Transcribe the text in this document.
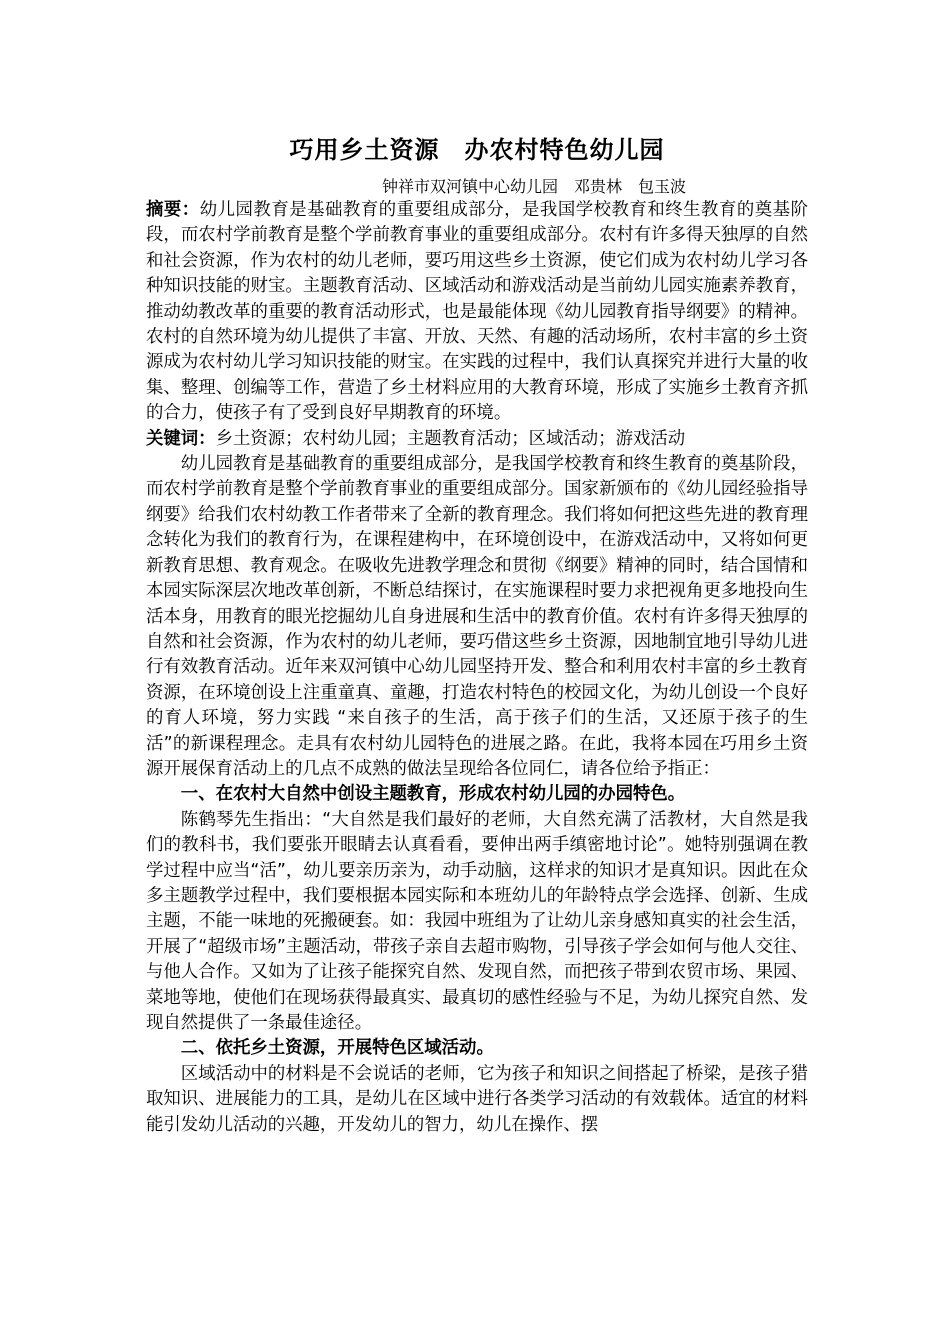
巧用乡土资源　办农村特色幼儿园

钟祥市双河镇中心幼儿园　邓贵林　包玉波

摘要：幼儿园教育是基础教育的重要组成部分，是我国学校教育和终生教育的奠基阶段，而农村学前教育是整个学前教育事业的重要组成部分。农村有许多得天独厚的自然和社会资源，作为农村的幼儿老师，要巧用这些乡土资源，使它们成为农村幼儿学习各种知识技能的财宝。主题教育活动、区域活动和游戏活动是当前幼儿园实施素养教育，推动幼教改革的重要的教育活动形式，也是最能体现《幼儿园教育指导纲要》的精神。农村的自然环境为幼儿提供了丰富、开放、天然、有趣的活动场所，农村丰富的乡土资源成为农村幼儿学习知识技能的财宝。在实践的过程中，我们认真探究并进行大量的收集、整理、创编等工作，营造了乡土材料应用的大教育环境，形成了实施乡土教育齐抓的合力，使孩子有了受到良好早期教育的环境。

关键词：乡土资源；农村幼儿园；主题教育活动；区域活动；游戏活动

幼儿园教育是基础教育的重要组成部分，是我国学校教育和终生教育的奠基阶段，而农村学前教育是整个学前教育事业的重要组成部分。国家新颁布的《幼儿园经验指导纲要》给我们农村幼教工作者带来了全新的教育理念。我们将如何把这些先进的教育理念转化为我们的教育行为，在课程建构中，在环境创设中，在游戏活动中，又将如何更新教育思想、教育观念。在吸收先进教学理念和贯彻《纲要》精神的同时，结合国情和本园实际深层次地改革创新，不断总结探讨，在实施课程时要力求把视角更多地投向生活本身，用教育的眼光挖掘幼儿自身进展和生活中的教育价值。农村有许多得天独厚的自然和社会资源，作为农村的幼儿老师，要巧借这些乡土资源，因地制宜地引导幼儿进行有效教育活动。近年来双河镇中心幼儿园坚持开发、整合和利用农村丰富的乡土教育资源，在环境创设上注重童真、童趣，打造农村特色的校园文化，为幼儿创设一个良好的育人环境，努力实践 “来自孩子的生活，高于孩子们的生活，又还原于孩子的生活”的新课程理念。走具有农村幼儿园特色的进展之路。在此，我将本园在巧用乡土资源开展保育活动上的几点不成熟的做法呈现给各位同仁，请各位给予指正：

一、在农村大自然中创设主题教育，形成农村幼儿园的办园特色。

陈鹤琴先生指出：“大自然是我们最好的老师，大自然充满了活教材，大自然是我们的教科书，我们要张开眼睛去认真看看，要伸出两手缜密地讨论”。她特别强调在教学过程中应当“活”，幼儿要亲历亲为，动手动脑，这样求的知识才是真知识。因此在众多主题教学过程中，我们要根据本园实际和本班幼儿的年龄特点学会选择、创新、生成主题，不能一味地的死搬硬套。如：我园中班组为了让幼儿亲身感知真实的社会生活，开展了“超级市场”主题活动，带孩子亲自去超市购物，引导孩子学会如何与他人交往、与他人合作。又如为了让孩子能探究自然、发现自然，而把孩子带到农贸市场、果园、菜地等地，使他们在现场获得最真实、最真切的感性经验与不足，为幼儿探究自然、发现自然提供了一条最佳途径。

二、依托乡土资源，开展特色区域活动。

区域活动中的材料是不会说话的老师，它为孩子和知识之间搭起了桥梁，是孩子猎取知识、进展能力的工具，是幼儿在区域中进行各类学习活动的有效载体。适宜的材料能引发幼儿活动的兴趣，开发幼儿的智力，幼儿在操作、摆
